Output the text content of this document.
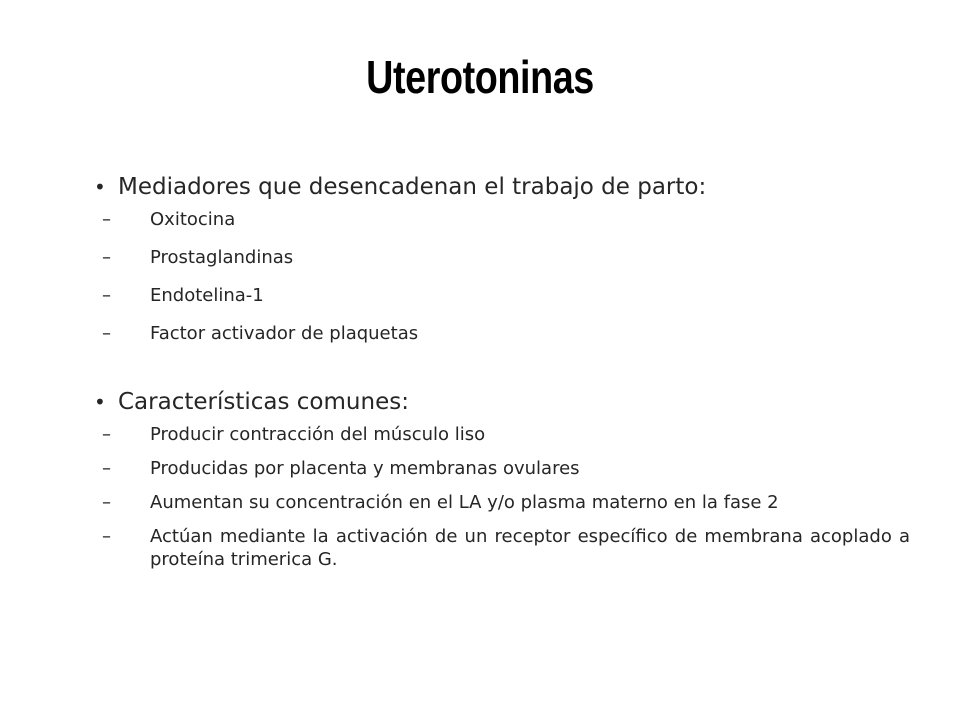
Uterotoninas
• Mediadores que desencadenan el trabajo de parto:
–	Oxitocina
–	Prostaglandinas
–	Endotelina-1
–	Factor activador de plaquetas
• Características comunes:
–	Producir contracción del músculo liso
–	Producidas por placenta y membranas ovulares
–	Aumentan su concentración en el LA y/o plasma materno en la fase 2
–	Actúan mediante la activación de un receptor específico de membrana acoplado a proteína trimerica G.
